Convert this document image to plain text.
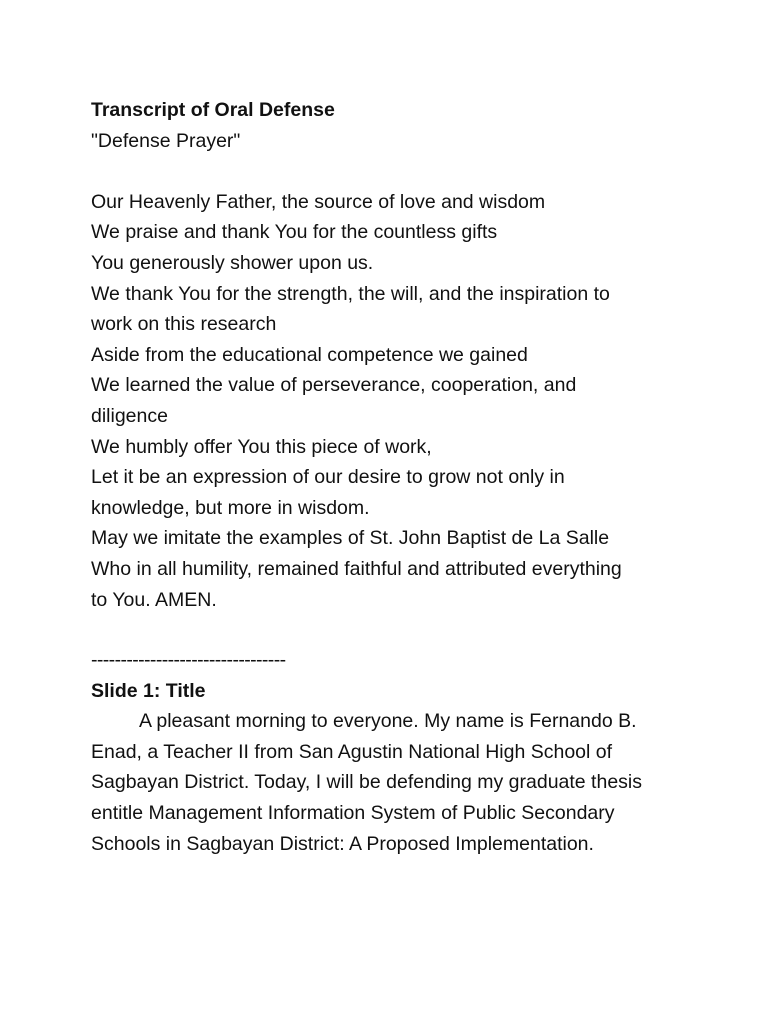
Transcript of Oral Defense
"Defense Prayer"
Our Heavenly Father, the source of love and wisdom
We praise and thank You for the countless gifts
You generously shower upon us.
We thank You for the strength, the will, and the inspiration to
work on this research
Aside from the educational competence we gained
We learned the value of perseverance, cooperation, and
diligence
We humbly offer You this piece of work,
Let it be an expression of our desire to grow not only in
knowledge, but more in wisdom.
May we imitate the examples of St. John Baptist de La Salle
Who in all humility, remained faithful and attributed everything
to You. AMEN.
---------------------------------
Slide 1: Title
A pleasant morning to everyone. My name is Fernando B.
Enad, a Teacher II from San Agustin National High School of
Sagbayan District. Today, I will be defending my graduate thesis
entitle Management Information System of Public Secondary
Schools in Sagbayan District: A Proposed Implementation.
